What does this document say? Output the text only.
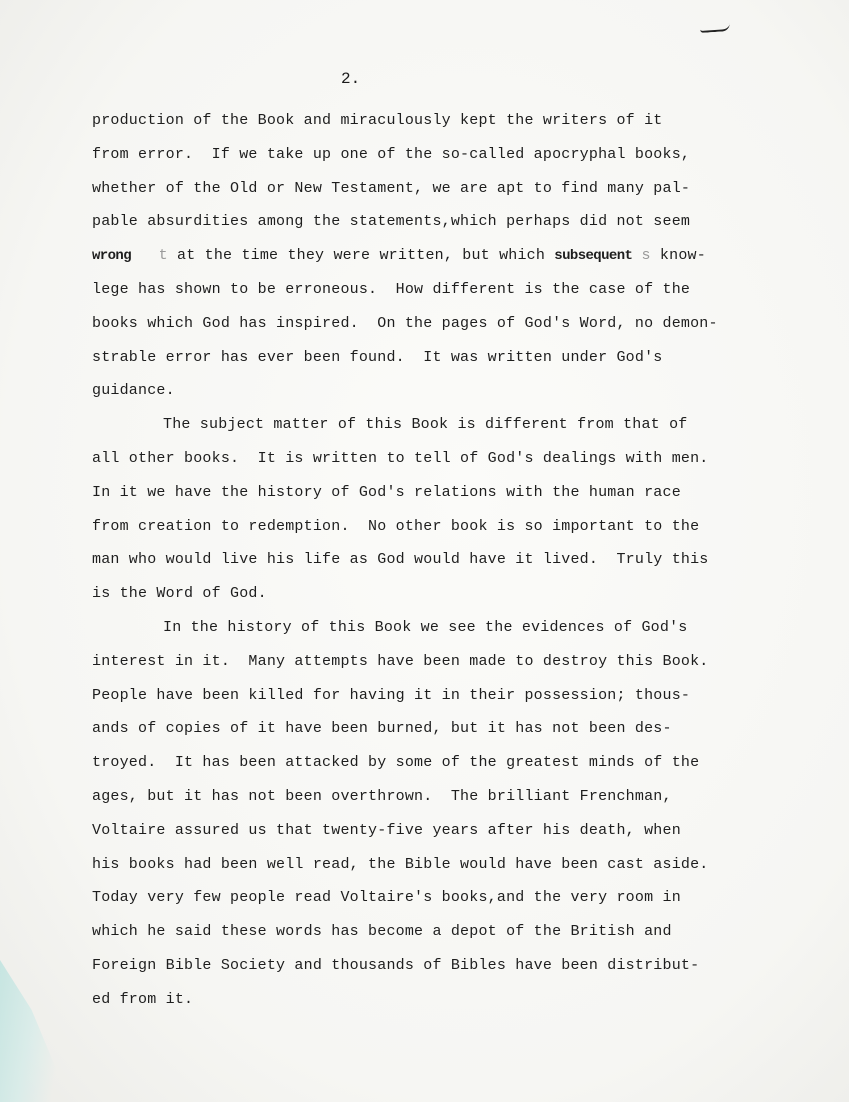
2.

production of the Book and miraculously kept the writers of it
from error.  If we take up one of the so-called apocryphal books,
whether of the Old or New Testament, we are apt to find many pal-
pable absurdities among the statements,which perhaps did not seem
wrong   t at the time they were written, but which subsequent s know-
lege has shown to be erroneous.  How different is the case of the
books which God has inspired.  On the pages of God's Word, no demon-
strable error has ever been found.  It was written under God's
guidance.
The subject matter of this Book is different from that of
all other books.  It is written to tell of God's dealings with men.
In it we have the history of God's relations with the human race
from creation to redemption.  No other book is so important to the
man who would live his life as God would have it lived.  Truly this
is the Word of God.
In the history of this Book we see the evidences of God's
interest in it.  Many attempts have been made to destroy this Book.
People have been killed for having it in their possession; thous-
ands of copies of it have been burned, but it has not been des-
troyed.  It has been attacked by some of the greatest minds of the
ages, but it has not been overthrown.  The brilliant Frenchman,
Voltaire assured us that twenty-five years after his death, when
his books had been well read, the Bible would have been cast aside.
Today very few people read Voltaire's books,and the very room in
which he said these words has become a depot of the British and
Foreign Bible Society and thousands of Bibles have been distribut-
ed from it.
